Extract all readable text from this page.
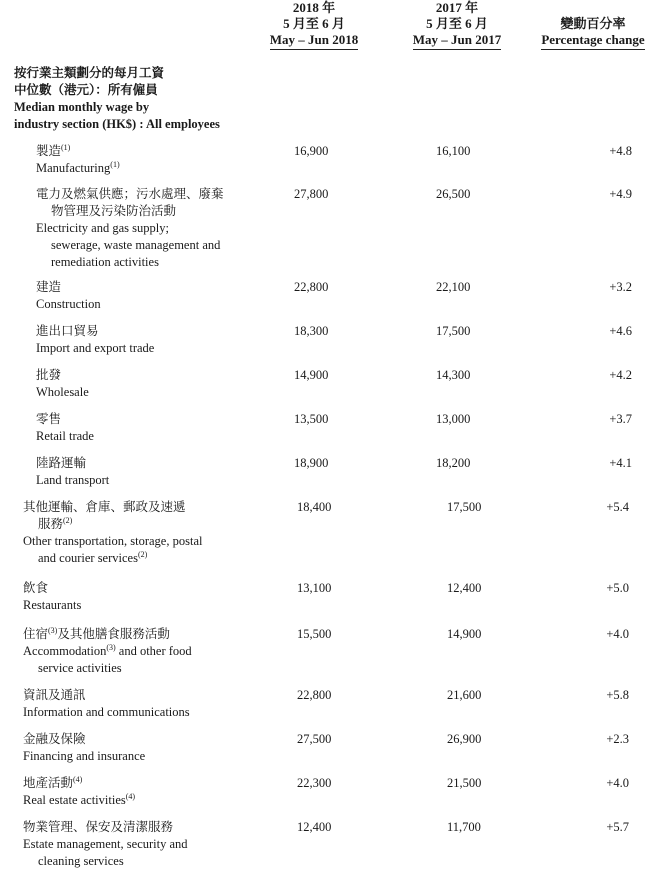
2018 年
5 月至 6 月
May – Jun 2018
2017 年
5 月至 6 月
May – Jun 2017
變動百分率
Percentage change
按行業主類劃分的每月工資
中位數（港元）：所有僱員
Median monthly wage by
industry section (HK$) : All employees
製造$^{(1)}$
Manufacturing$^{(1)}$
16,900	16,100	+4.8
電力及燃氣供應；污水處理、廢棄
物管理及污染防治活動
Electricity and gas supply;
sewerage, waste management and
remediation activities
27,800	26,500	+4.9
建造
Construction
22,800	22,100	+3.2
進出口貿易
Import and export trade
18,300	17,500	+4.6
批發
Wholesale
14,900	14,300	+4.2
零售
Retail trade
13,500	13,000	+3.7
陸路運輸
Land transport
18,900	18,200	+4.1
其他運輸、倉庫、郵政及速遞
服務$^{(2)}$
Other transportation, storage, postal
and courier services$^{(2)}$
18,400	17,500	+5.4
飲食
Restaurants
13,100	12,400	+5.0
住宿$^{(3)}$及其他膳食服務活動
Accommodation$^{(3)}$ and other food
service activities
15,500	14,900	+4.0
資訊及通訊
Information and communications
22,800	21,600	+5.8
金融及保險
Financing and insurance
27,500	26,900	+2.3
地產活動$^{(4)}$
Real estate activities$^{(4)}$
22,300	21,500	+4.0
物業管理、保安及清潔服務
Estate management, security and
cleaning services
12,400	11,700	+5.7
